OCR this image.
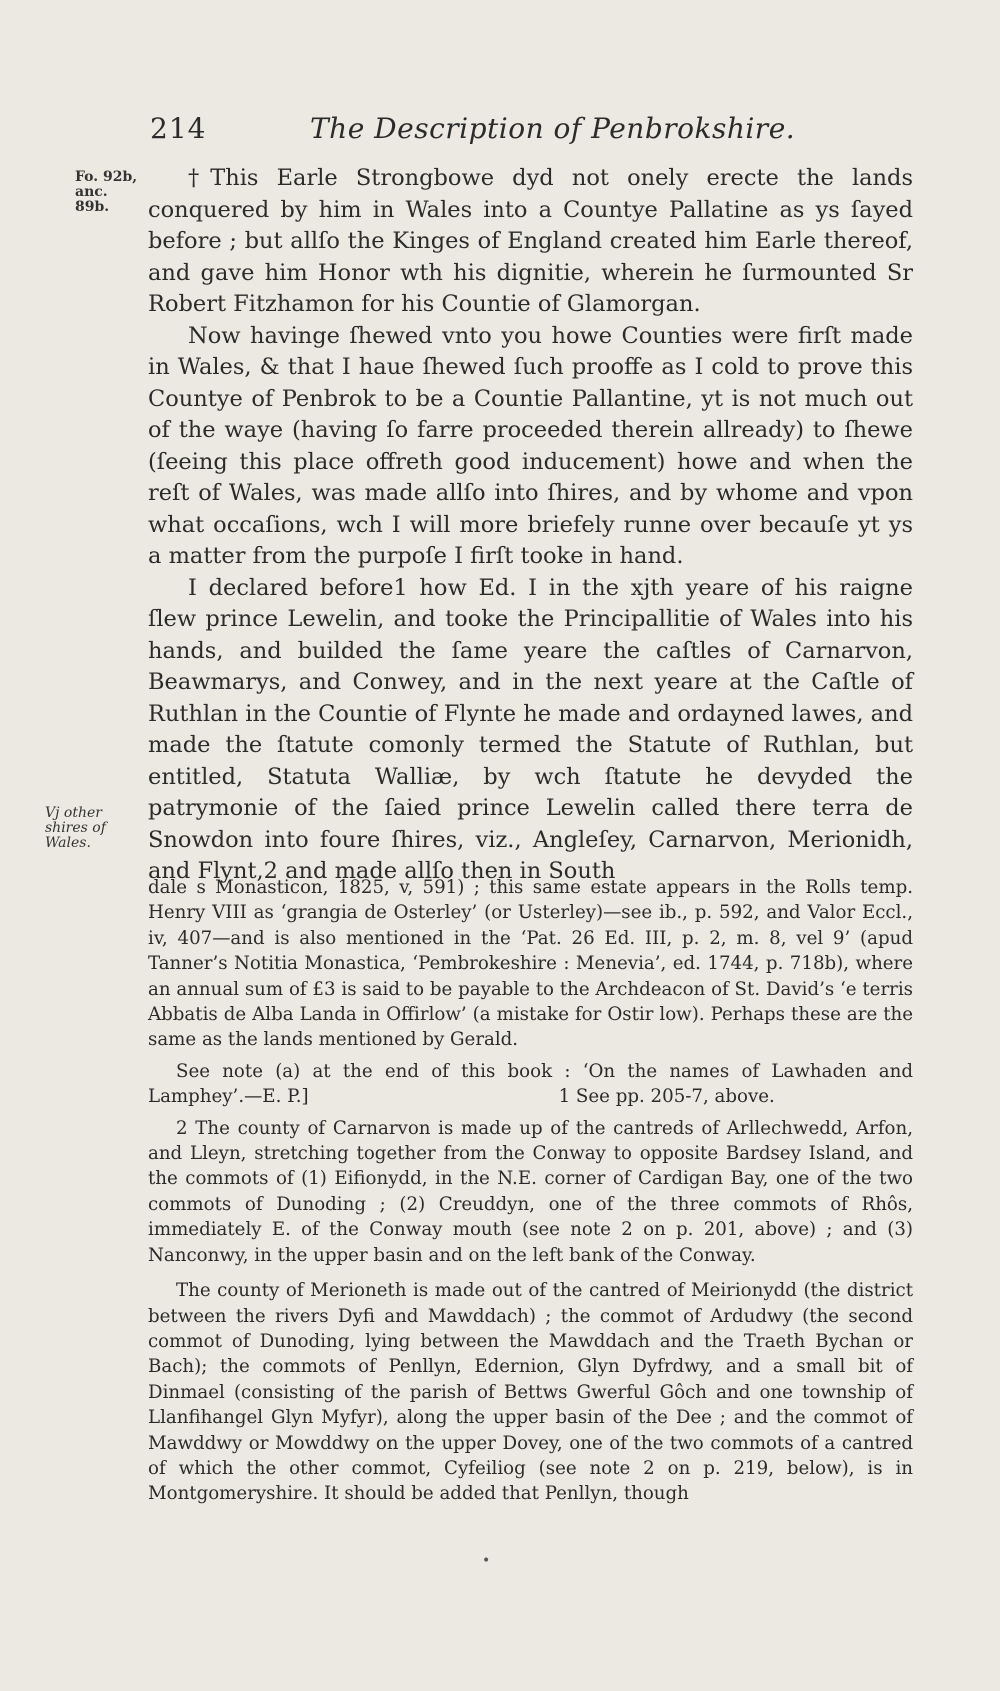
214	The Description of Penbrokshire.
Fo. 92b, anc. 89b.
Vj other shires of Wales.

†This Earle Strongbowe dyd not onely erecte the lands conquered by him in Wales into a Countye Pallatine as ys ſayed before ; but allſo the Kinges of England created him Earle thereof, and gave him Honor wth his dignitie, wherein he ſurmounted Sr Robert Fitzhamon for his Countie of Glamorgan.

Now havinge ſhewed vnto you howe Counties were firſt made in Wales, & that I haue ſhewed ſuch prooffe as I cold to prove this Countye of Penbrok to be a Countie Pallantine, yt is not much out of the waye (having ſo farre proceeded therein allready) to ſhewe (ſeeing this place offreth good inducement) howe and when the reſt of Wales, was made allſo into ſhires, and by whome and vpon what occaſions, wch I will more briefely runne over becauſe yt ys a matter from the purpoſe I firſt tooke in hand.

I declared before1 how Ed. I in the xjth yeare of his raigne ſlew prince Lewelin, and tooke the Principallitie of Wales into his hands, and builded the ſame yeare the caſtles of Carnarvon, Beawmarys, and Conwey, and in the next yeare at the Caſtle of Ruthlan in the Countie of Flynte he made and ordayned lawes, and made the ſtatute comonly termed the Statute of Ruthlan, but entitled, Statuta Walliæ, by wch ſtatute he devyded the patrymonie of the ſaied prince Lewelin called there terra de Snowdon into foure ſhires, viz., Angleſey, Carnarvon, Merionidh, and Flynt,2 and made allſo then in South

dale s Monasticon, 1825, v, 591) ; this same estate appears in the Rolls temp. Henry VIII as ‘grangia de Osterley’ (or Usterley)—see ib., p. 592, and Valor Eccl., iv, 407—and is also mentioned in the ‘Pat. 26 Ed. III, p. 2, m. 8, vel 9’ (apud Tanner’s Notitia Monastica, ‘Pembrokeshire : Menevia’, ed. 1744, p. 718b), where an annual sum of £3 is said to be payable to the Archdeacon of St. David’s ‘e terris Abbatis de Alba Landa in Offirlow’ (a mistake for Ostir low). Perhaps these are the same as the lands mentioned by Gerald.

See note (a) at the end of this book : ‘On the names of Lawhaden and Lamphey’.—E. P.]	1 See pp. 205-7, above.

2 The county of Carnarvon is made up of the cantreds of Arllechwedd, Arfon, and Lleyn, stretching together from the Conway to opposite Bardsey Island, and the commots of (1) Eifionydd, in the N.E. corner of Cardigan Bay, one of the two commots of Dunoding ; (2) Creuddyn, one of the three commots of Rhôs, immediately E. of the Conway mouth (see note 2 on p. 201, above) ; and (3) Nanconwy, in the upper basin and on the left bank of the Conway.

The county of Merioneth is made out of the cantred of Meirionydd (the district between the rivers Dyfi and Mawddach) ; the commot of Ardudwy (the second commot of Dunoding, lying between the Mawddach and the Traeth Bychan or Bach); the commots of Penllyn, Edernion, Glyn Dyfrdwy, and a small bit of Dinmael (consisting of the parish of Bettws Gwerful Gôch and one township of Llanfihangel Glyn Myfyr), along the upper basin of the Dee ; and the commot of Mawddwy or Mowddwy on the upper Dovey, one of the two commots of a cantred of which the other commot, Cyfeiliog (see note 2 on p. 219, below), is in Montgomeryshire. It should be added that Penllyn, though

•
